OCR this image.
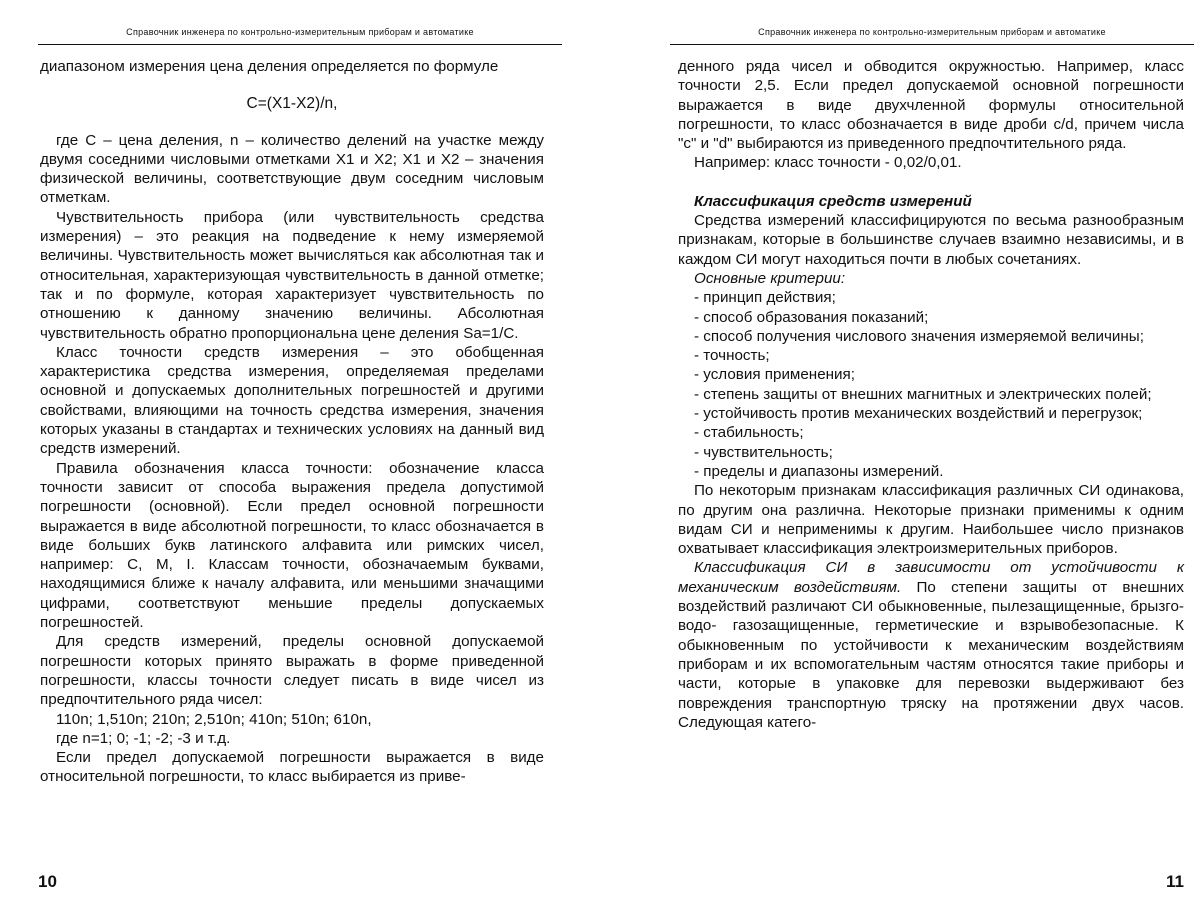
Справочник инженера по контрольно-измерительным приборам и автоматике

диапазоном измерения цена деления определяется по формуле

C=(X1-X2)/n,

где С – цена деления, n – количество делений на участке между двумя соседними числовыми отметками X1 и X2; X1 и X2 – значения физической величины, соответствующие двум соседним числовым отметкам.

Чувствительность прибора (или чувствительность средства измерения) – это реакция на подведение к нему измеряемой величины. Чувствительность может вычисляться как абсолютная так и относительная, характеризующая чувствительность в данной отметке; так и по формуле, которая характеризует чувствительность по отношению к данному значению величины. Абсолютная чувствительность обратно пропорциональна цене деления Sa=1/C.

Класс точности средств измерения – это обобщенная характеристика средства измерения, определяемая пределами основной и допускаемых дополнительных погрешностей и другими свойствами, влияющими на точность средства измерения, значения которых указаны в стандартах и технических условиях на данный вид средств измерений.

Правила обозначения класса точности: обозначение класса точности зависит от способа выражения предела допустимой погрешности (основной). Если предел основной погрешности выражается в виде абсолютной погрешности, то класс обозначается в виде больших букв латинского алфавита или римских чисел, например: С, М, I. Классам точности, обозначаемым буквами, находящимися ближе к началу алфавита, или меньшими значащими цифрами, соответствуют меньшие пределы допускаемых погрешностей.

Для средств измерений, пределы основной допускаемой погрешности которых принято выражать в форме приведенной погрешности, классы точности следует писать в виде чисел из предпочтительного ряда чисел:

110n; 1,510n; 210n; 2,510n; 410n; 510n; 610n,

где n=1; 0; -1; -2; -3 и т.д.

Если предел допускаемой погрешности выражается в виде относительной погрешности, то класс выбирается из приве-

10
Справочник инженера по контрольно-измерительным приборам и автоматике

денного ряда чисел и обводится окружностью. Например, класс точности 2,5. Если предел допускаемой основной погрешности выражается в виде двухчленной формулы относительной погрешности, то класс обозначается в виде дроби c/d, причем числа "c" и "d" выбираются из приведенного предпочтительного ряда.

Например: класс точности - 0,02/0,01.

Классификация средств измерений

Средства измерений классифицируются по весьма разнообразным признакам, которые в большинстве случаев взаимно независимы, и в каждом СИ могут находиться почти в любых сочетаниях.

Основные критерии:

- принцип действия;

- способ образования показаний;

- способ получения числового значения измеряемой величины;

- точность;

- условия применения;

- степень защиты от внешних магнитных и электрических полей;

- устойчивость против механических воздействий и перегрузок;

- стабильность;

- чувствительность;

- пределы и диапазоны измерений.

По некоторым признакам классификация различных СИ одинакова, по другим она различна. Некоторые признаки применимы к одним видам СИ и неприменимы к другим. Наибольшее число признаков охватывает классификация электроизмерительных приборов.

Классификация СИ в зависимости от устойчивости к механическим воздействиям. По степени защиты от внешних воздействий различают СИ обыкновенные, пылезащищенные, брызго- водо- газозащищенные, герметические и взрывобезопасные. К обыкновенным по устойчивости к механическим воздействиям приборам и их вспомогательным частям относятся такие приборы и части, которые в упаковке для перевозки выдерживают без повреждения транспортную тряску на протяжении двух часов. Следующая катего-

11
